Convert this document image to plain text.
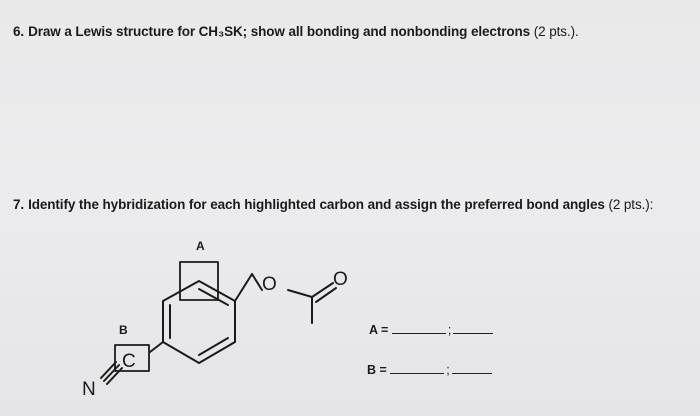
6. Draw a Lewis structure for CH₃SK; show all bonding and nonbonding electrons (2 pts.).
7. Identify the hybridization for each highlighted carbon and assign the preferred bond angles (2 pts.):
A
B
C
N
O	O
A =	;
B =	;
